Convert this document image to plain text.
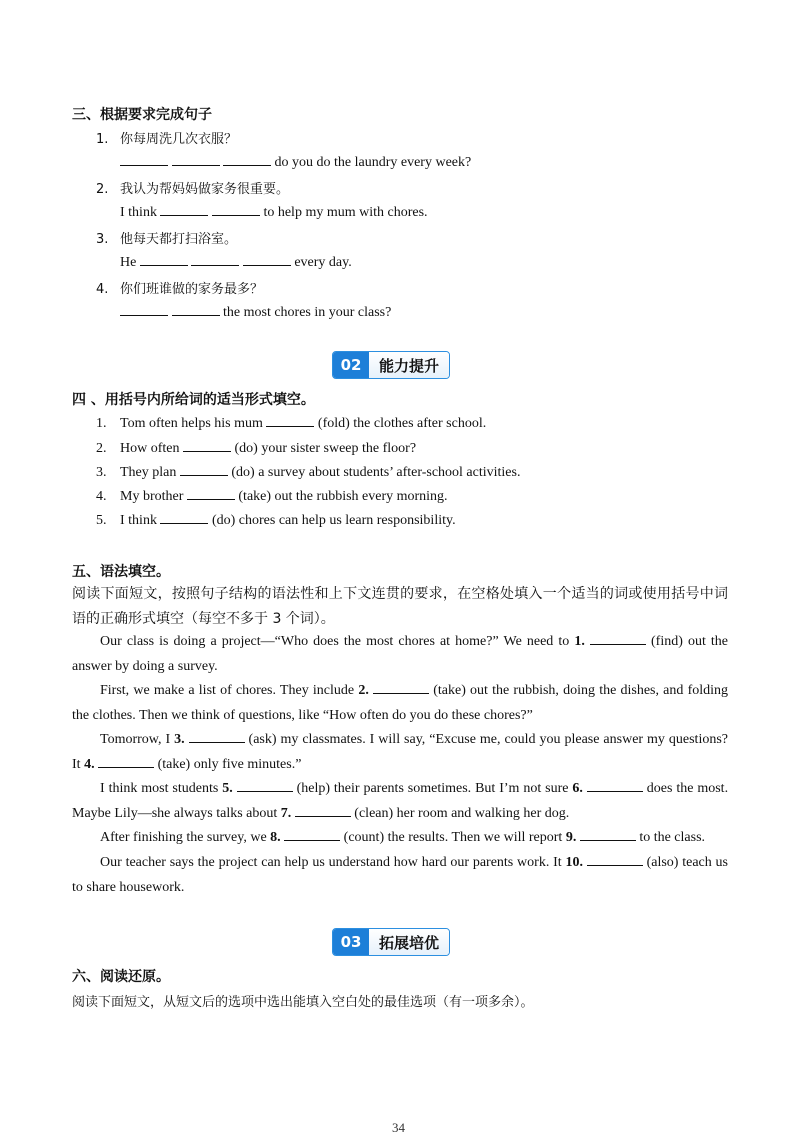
三、根据要求完成句子
1. 你每周洗几次衣服？
do you do the laundry every week?
2. 我认为帮妈妈做家务很重要。
I think	to help my mum with chores.
3. 他每天都打扫浴室。
He	every day.
4. 你们班谁做的家务最多？
the most chores in your class?
02	能力提升
四 、用括号内所给词的适当形式填空。
1. Tom often helps his mum	(fold) the clothes after school.
2. How often	(do) your sister sweep the floor?
3. They plan	(do) a survey about students’ after-school activities.
4. My brother	(take) out the rubbish every morning.
5. I think	(do) chores can help us learn responsibility.
五、语法填空。
阅读下面短文，按照句子结构的语法性和上下文连贯的要求，在空格处填入一个适当的词或使用括号中词语的正确形式填空（每空不多于 3 个词）。
Our class is doing a project—“Who does the most chores at home?” We need to 1.	(find) out the answer by doing a survey.
First, we make a list of chores. They include 2.	(take) out the rubbish, doing the dishes, and folding the clothes. Then we think of questions, like “How often do you do these chores?”
Tomorrow, I 3.	(ask) my classmates. I will say, “Excuse me, could you please answer my questions? It 4.	(take) only five minutes.”
I think most students 5.	(help) their parents sometimes. But I’m not sure 6.	does the most. Maybe Lily—she always talks about 7.	(clean) her room and walking her dog.
After finishing the survey, we 8.	(count) the results. Then we will report 9.	to the class.
Our teacher says the project can help us understand how hard our parents work. It 10.	(also) teach us to share housework.
03	拓展培优
六、阅读还原。
阅读下面短文，从短文后的选项中选出能填入空白处的最佳选项（有一项多余）。
34
